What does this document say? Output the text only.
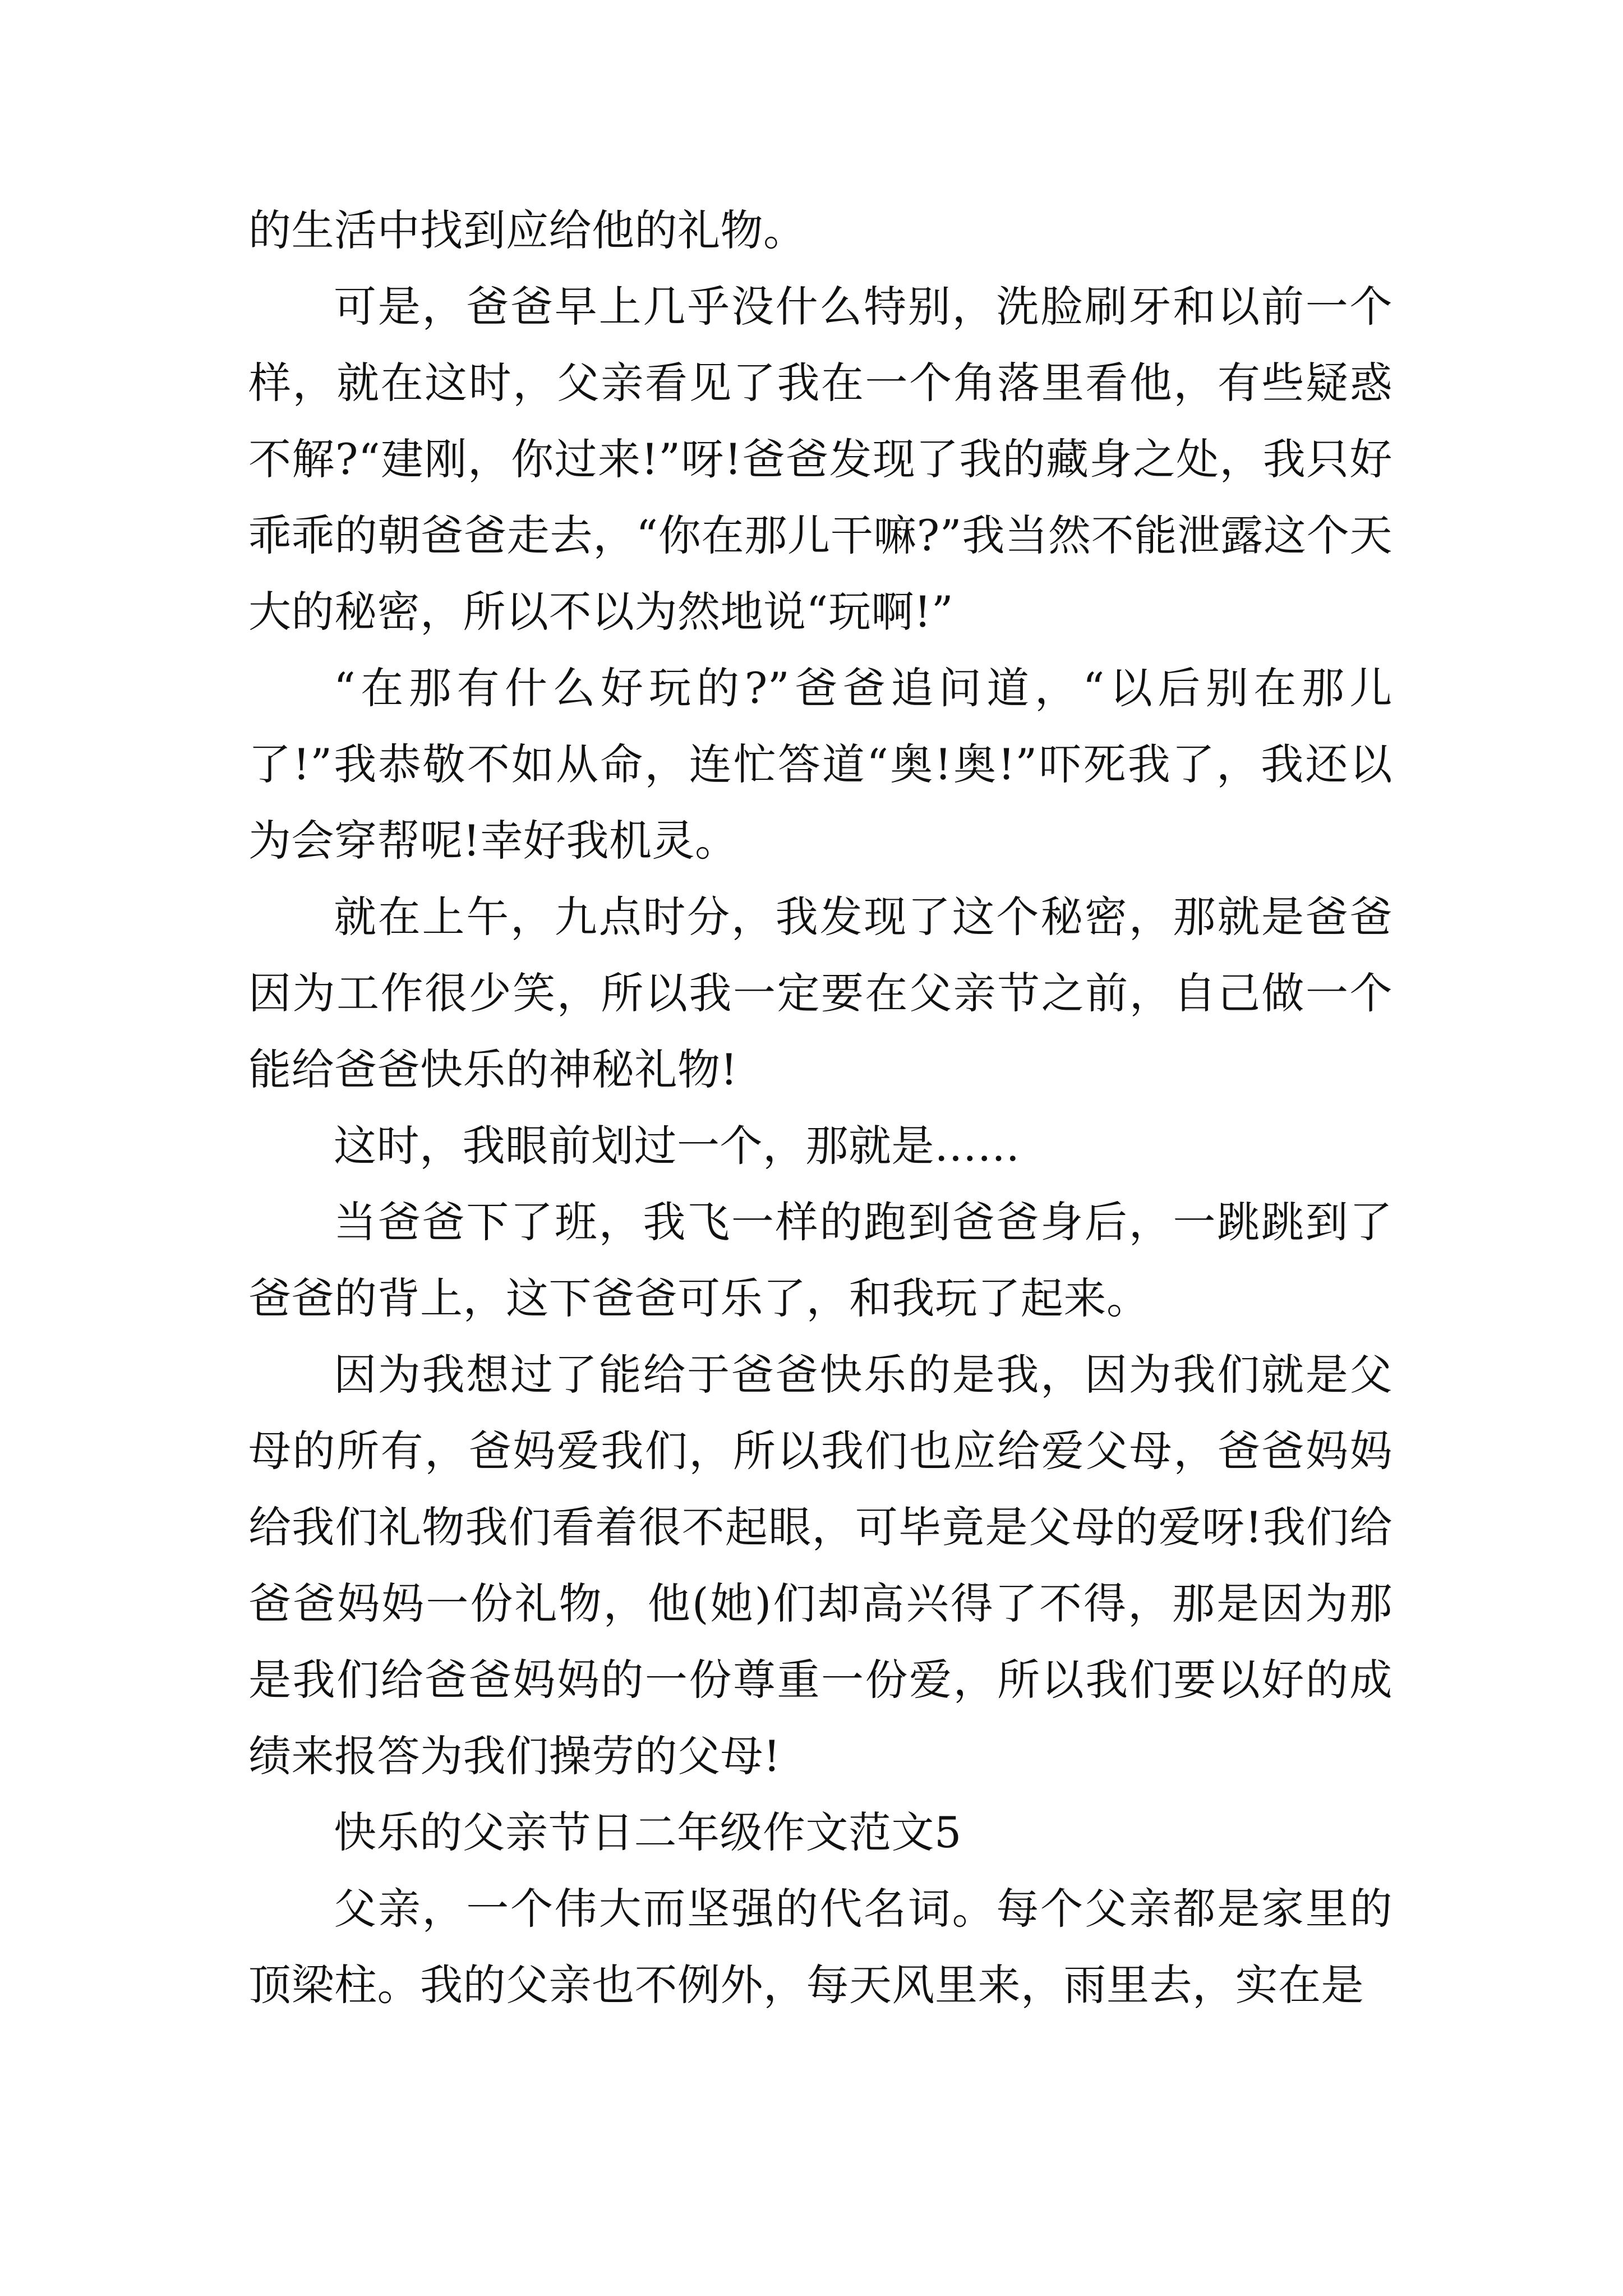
的生活中找到应给他的礼物。

可是，爸爸早上几乎没什么特别，洗脸刷牙和以前一个样，就在这时，父亲看见了我在一个角落里看他，有些疑惑不解?“建刚，你过来!”呀!爸爸发现了我的藏身之处，我只好乖乖的朝爸爸走去，“你在那儿干嘛?”我当然不能泄露这个天大的秘密，所以不以为然地说“玩啊!”

“在那有什么好玩的?”爸爸追问道，“以后别在那儿了!”我恭敬不如从命，连忙答道“奥!奥!”吓死我了，我还以为会穿帮呢!幸好我机灵。

就在上午，九点时分，我发现了这个秘密，那就是爸爸因为工作很少笑，所以我一定要在父亲节之前，自己做一个能给爸爸快乐的神秘礼物!

这时，我眼前划过一个，那就是……

当爸爸下了班，我飞一样的跑到爸爸身后，一跳跳到了爸爸的背上，这下爸爸可乐了，和我玩了起来。

因为我想过了能给于爸爸快乐的是我，因为我们就是父母的所有，爸妈爱我们，所以我们也应给爱父母，爸爸妈妈给我们礼物我们看着很不起眼，可毕竟是父母的爱呀!我们给爸爸妈妈一份礼物，他(她)们却高兴得了不得，那是因为那是我们给爸爸妈妈的一份尊重一份爱，所以我们要以好的成绩来报答为我们操劳的父母!

快乐的父亲节日二年级作文范文5

父亲，一个伟大而坚强的代名词。每个父亲都是家里的顶梁柱。我的父亲也不例外，每天风里来，雨里去，实在是
